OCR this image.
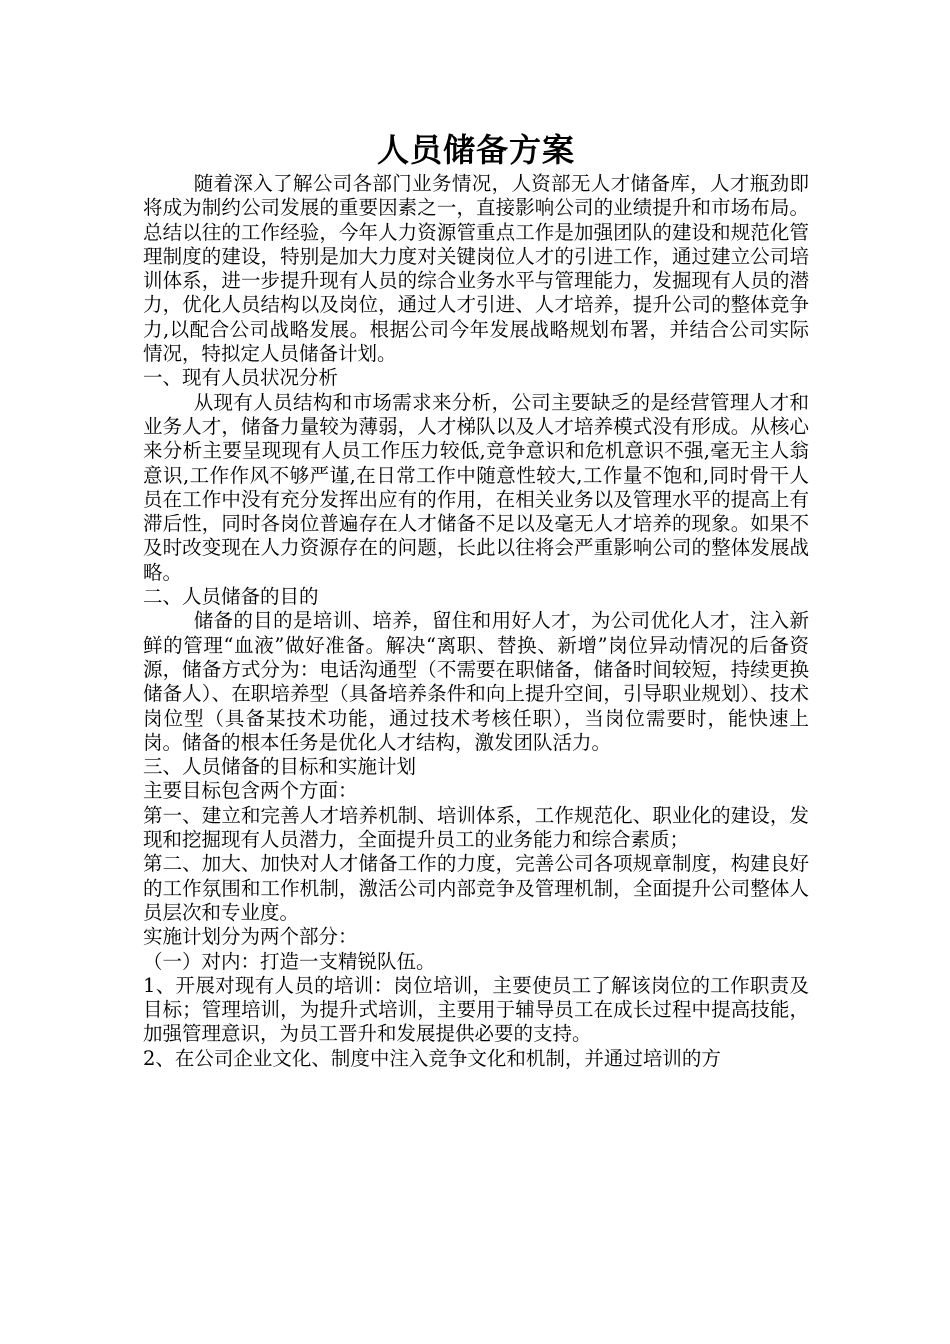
人员储备方案

随着深入了解公司各部门业务情况，人资部无人才储备库，人才瓶劲即将成为制约公司发展的重要因素之一，直接影响公司的业绩提升和市场布局。总结以往的工作经验，今年人力资源管重点工作是加强团队的建设和规范化管理制度的建设，特别是加大力度对关键岗位人才的引进工作，通过建立公司培训体系，进一步提升现有人员的综合业务水平与管理能力，发掘现有人员的潜力，优化人员结构以及岗位，通过人才引进、人才培养，提升公司的整体竞争力,以配合公司战略发展。根据公司今年发展战略规划布署，并结合公司实际情况，特拟定人员储备计划。

一、现有人员状况分析

从现有人员结构和市场需求来分析，公司主要缺乏的是经营管理人才和业务人才，储备力量较为薄弱，人才梯队以及人才培养模式没有形成。从核心来分析主要呈现现有人员工作压力较低,竞争意识和危机意识不强,毫无主人翁意识,工作作风不够严谨,在日常工作中随意性较大,工作量不饱和,同时骨干人员在工作中没有充分发挥出应有的作用，在相关业务以及管理水平的提高上有滞后性，同时各岗位普遍存在人才储备不足以及毫无人才培养的现象。如果不及时改变现在人力资源存在的问题，长此以往将会严重影响公司的整体发展战略。

二、人员储备的目的

储备的目的是培训、培养，留住和用好人才，为公司优化人才，注入新鲜的管理“血液”做好准备。解决“离职、替换、新增”岗位异动情况的后备资源，储备方式分为：电话沟通型（不需要在职储备，储备时间较短，持续更换储备人）、在职培养型（具备培养条件和向上提升空间，引导职业规划）、技术岗位型（具备某技术功能，通过技术考核任职），当岗位需要时，能快速上岗。储备的根本任务是优化人才结构，激发团队活力。

三、人员储备的目标和实施计划

主要目标包含两个方面：

第一、建立和完善人才培养机制、培训体系，工作规范化、职业化的建设，发现和挖掘现有人员潜力，全面提升员工的业务能力和综合素质；

第二、加大、加快对人才储备工作的力度，完善公司各项规章制度，构建良好的工作氛围和工作机制，激活公司内部竞争及管理机制，全面提升公司整体人员层次和专业度。

实施计划分为两个部分：

（一）对内：打造一支精锐队伍。

1、开展对现有人员的培训：岗位培训，主要使员工了解该岗位的工作职责及目标；管理培训，为提升式培训，主要用于辅导员工在成长过程中提高技能，加强管理意识，为员工晋升和发展提供必要的支持。

2、在公司企业文化、制度中注入竞争文化和机制，并通过培训的方
